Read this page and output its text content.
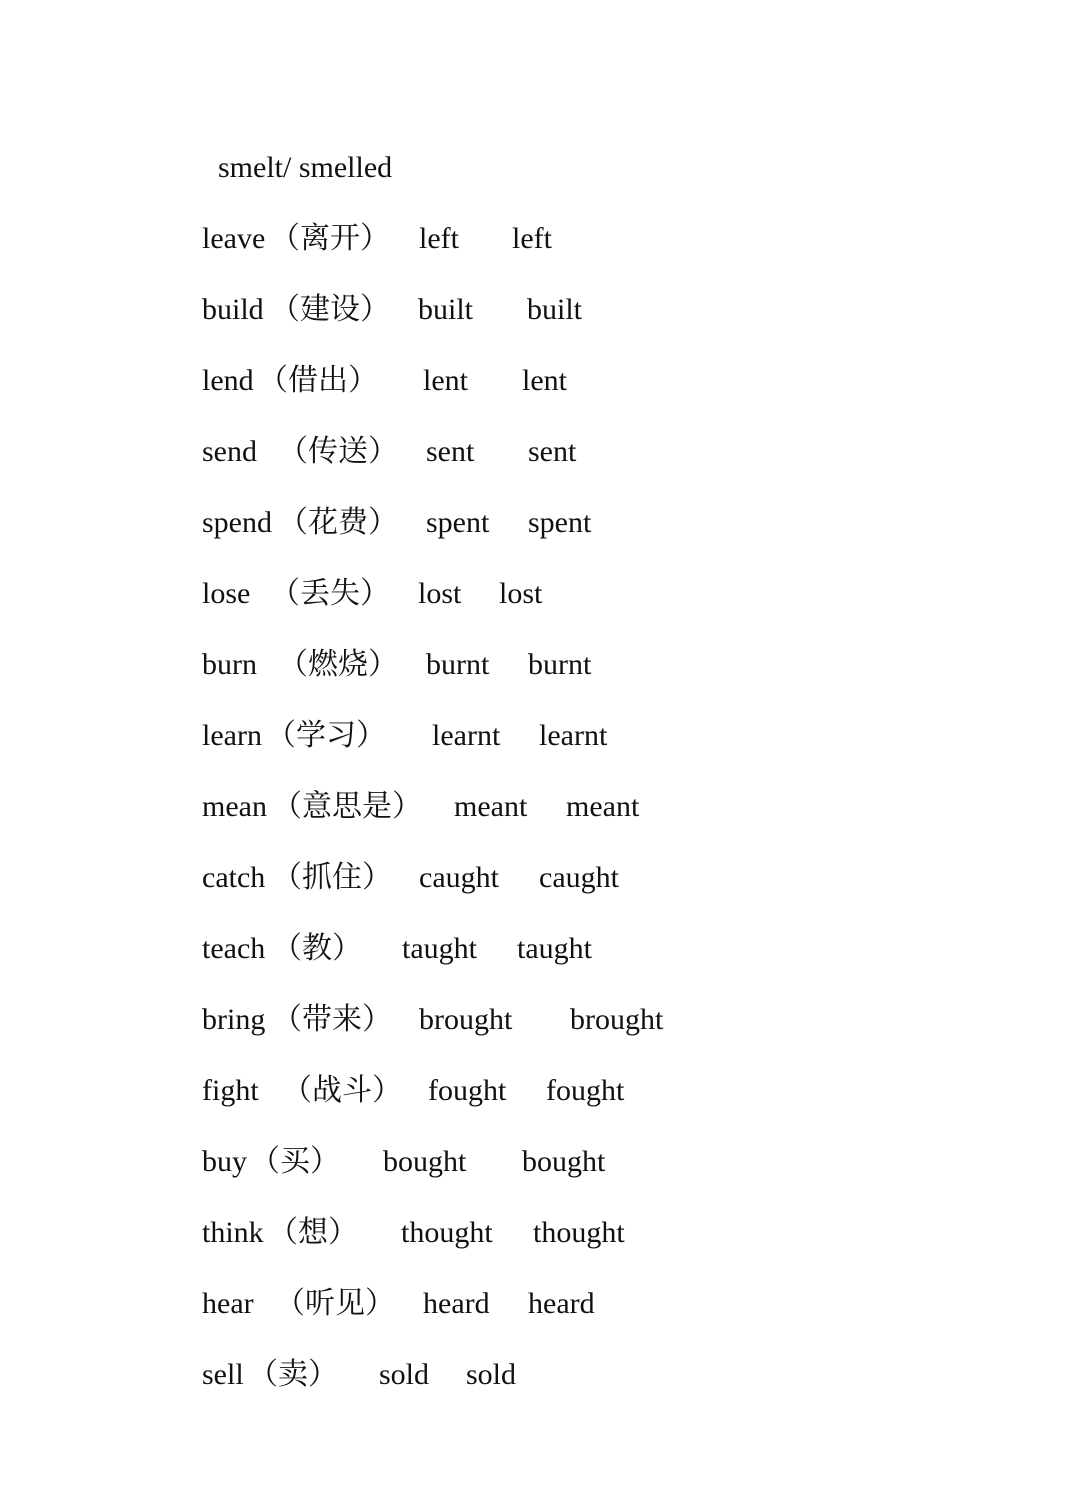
smelt/ smelled
leave （离开） left left
build （建设） built built
lend （借出） lent lent
send （传送） sent sent
spend （花费） spent spent
lose （丢失） lost lost
burn （燃烧） burnt burnt
learn （学习） learnt learnt
mean （意思是） meant meant
catch （抓住） caught caught
teach （教） taught taught
bring （带来） brought brought
fight （战斗） fought fought
buy （买） bought bought
think （想） thought thought
hear （听见） heard heard
sell （卖） sold sold
